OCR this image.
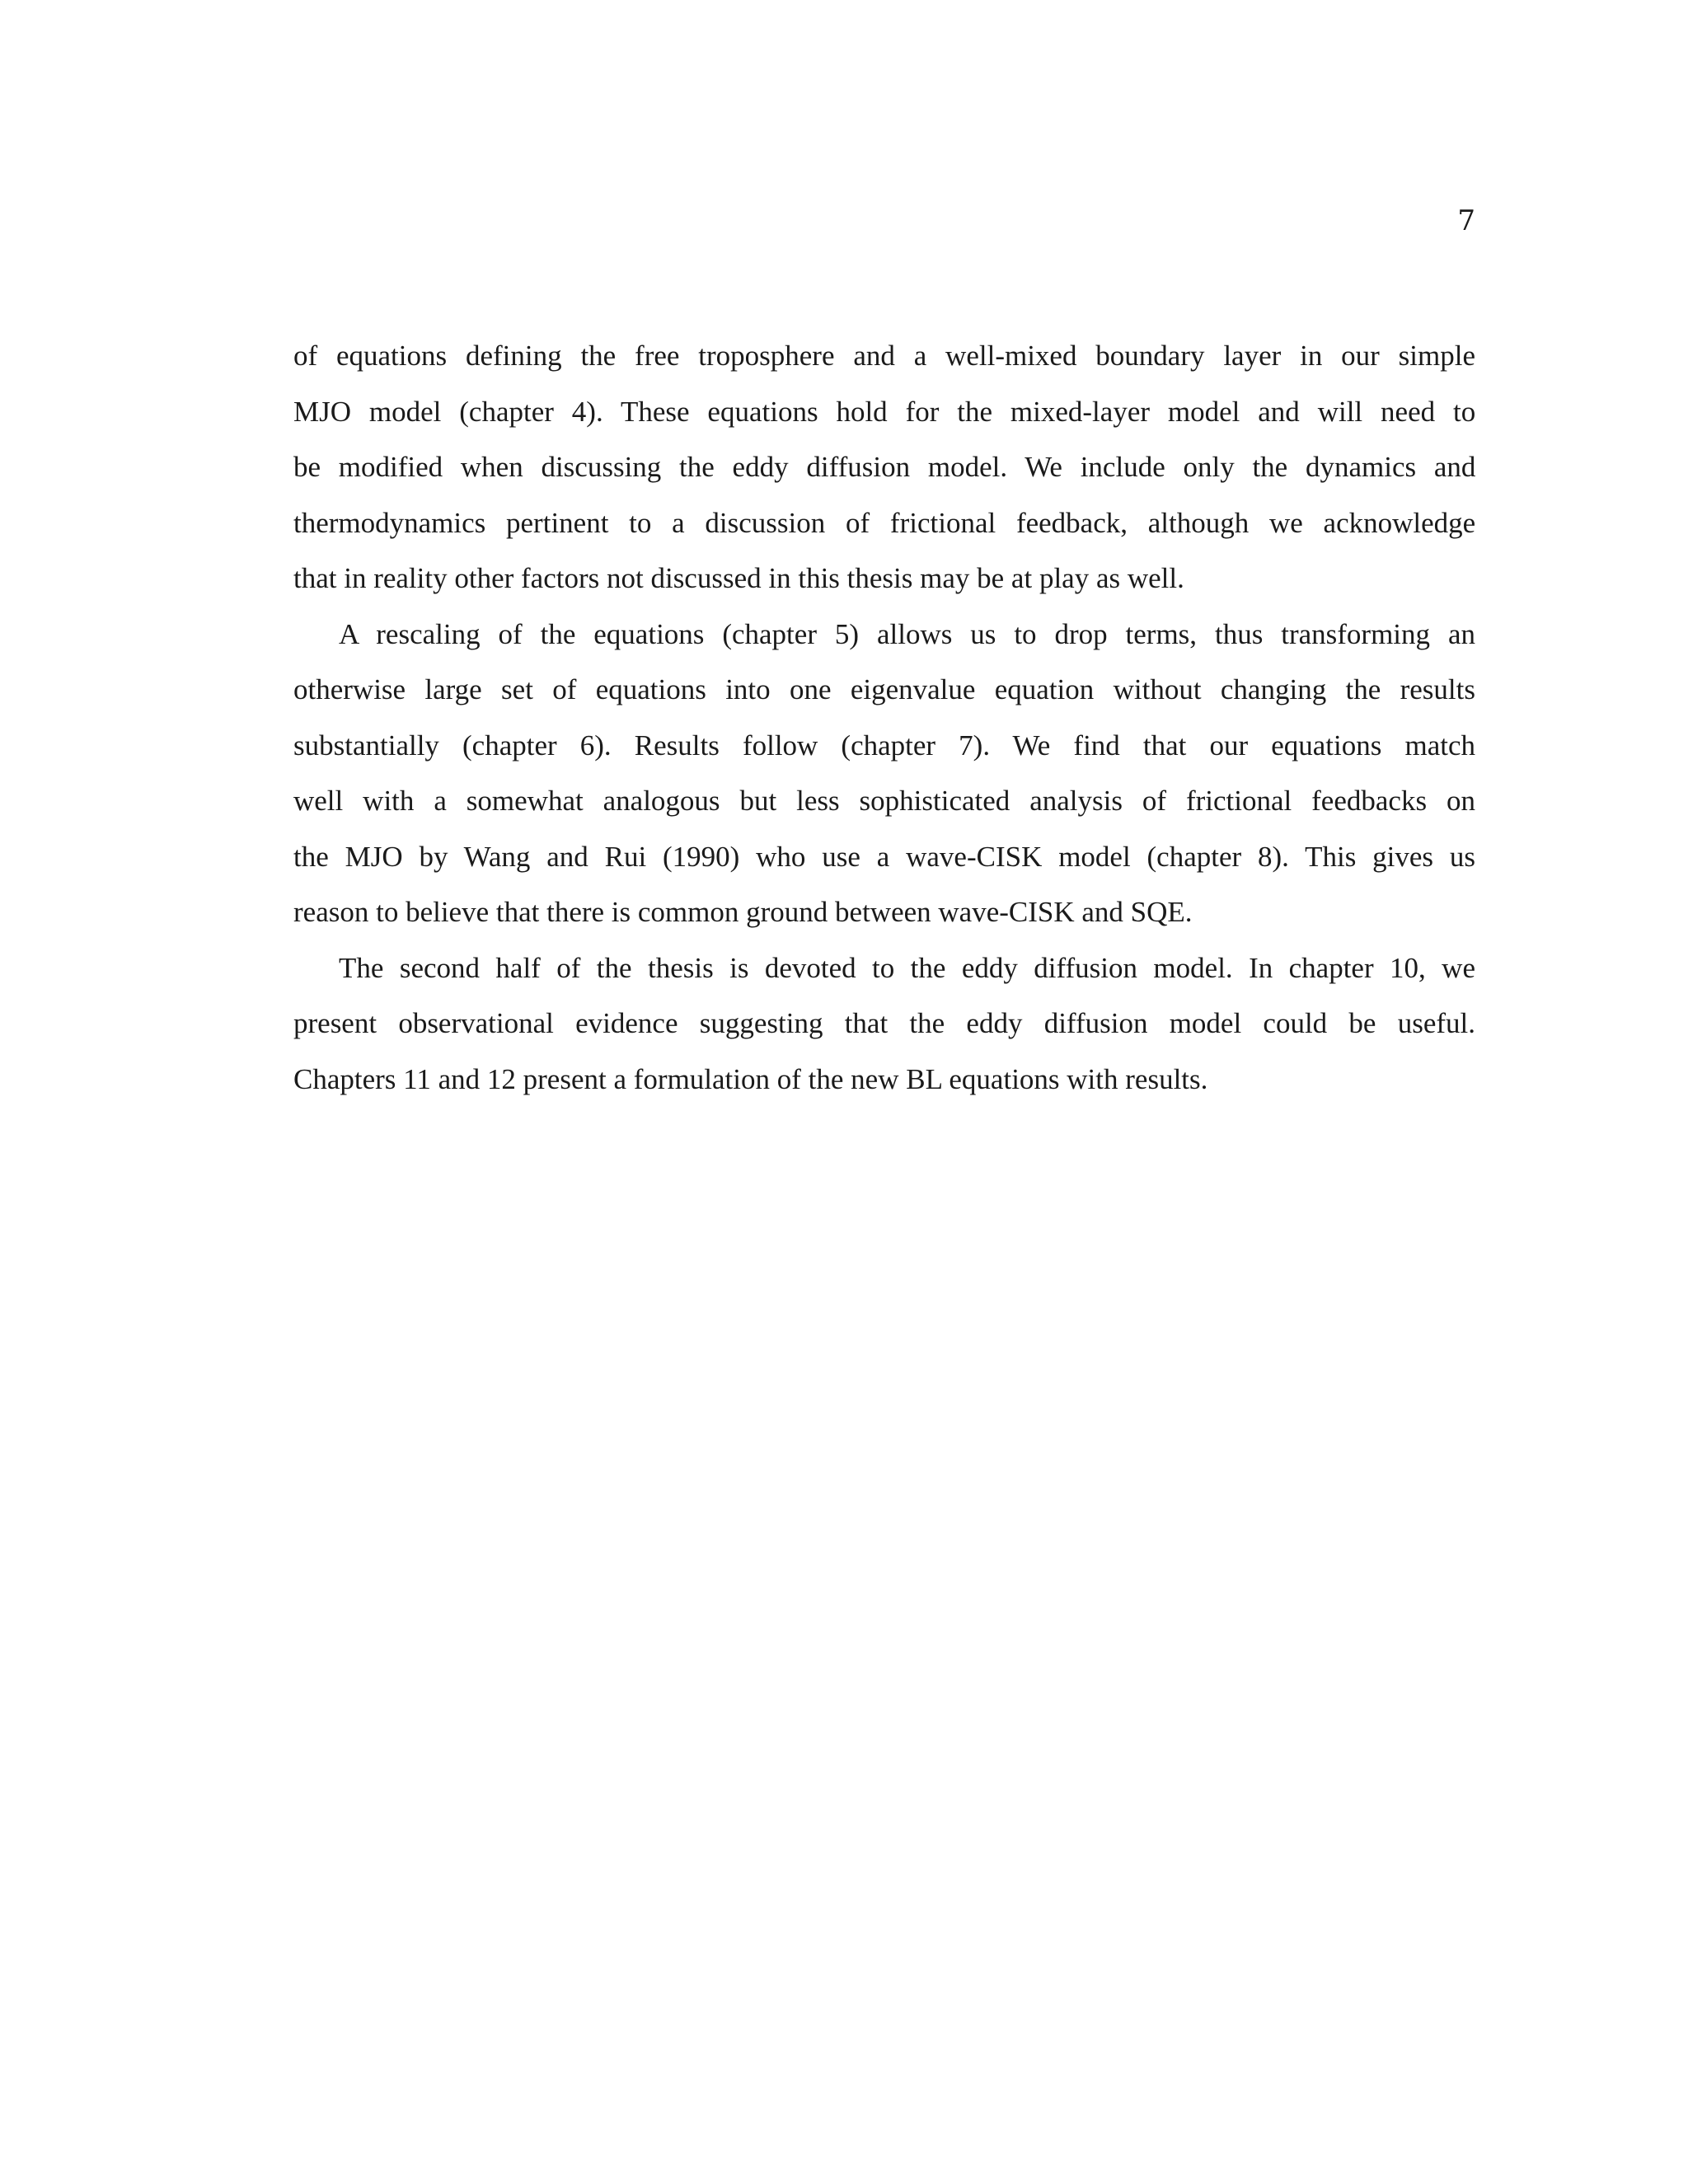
7
of equations defining the free troposphere and a well-mixed boundary layer in our simple
MJO model (chapter 4). These equations hold for the mixed-layer model and will need to
be modified when discussing the eddy diffusion model. We include only the dynamics and
thermodynamics pertinent to a discussion of frictional feedback, although we acknowledge
that in reality other factors not discussed in this thesis may be at play as well.
A rescaling of the equations (chapter 5) allows us to drop terms, thus transforming an
otherwise large set of equations into one eigenvalue equation without changing the results
substantially (chapter 6). Results follow (chapter 7). We find that our equations match
well with a somewhat analogous but less sophisticated analysis of frictional feedbacks on
the MJO by Wang and Rui (1990) who use a wave-CISK model (chapter 8). This gives us
reason to believe that there is common ground between wave-CISK and SQE.
The second half of the thesis is devoted to the eddy diffusion model. In chapter 10, we
present observational evidence suggesting that the eddy diffusion model could be useful.
Chapters 11 and 12 present a formulation of the new BL equations with results.
